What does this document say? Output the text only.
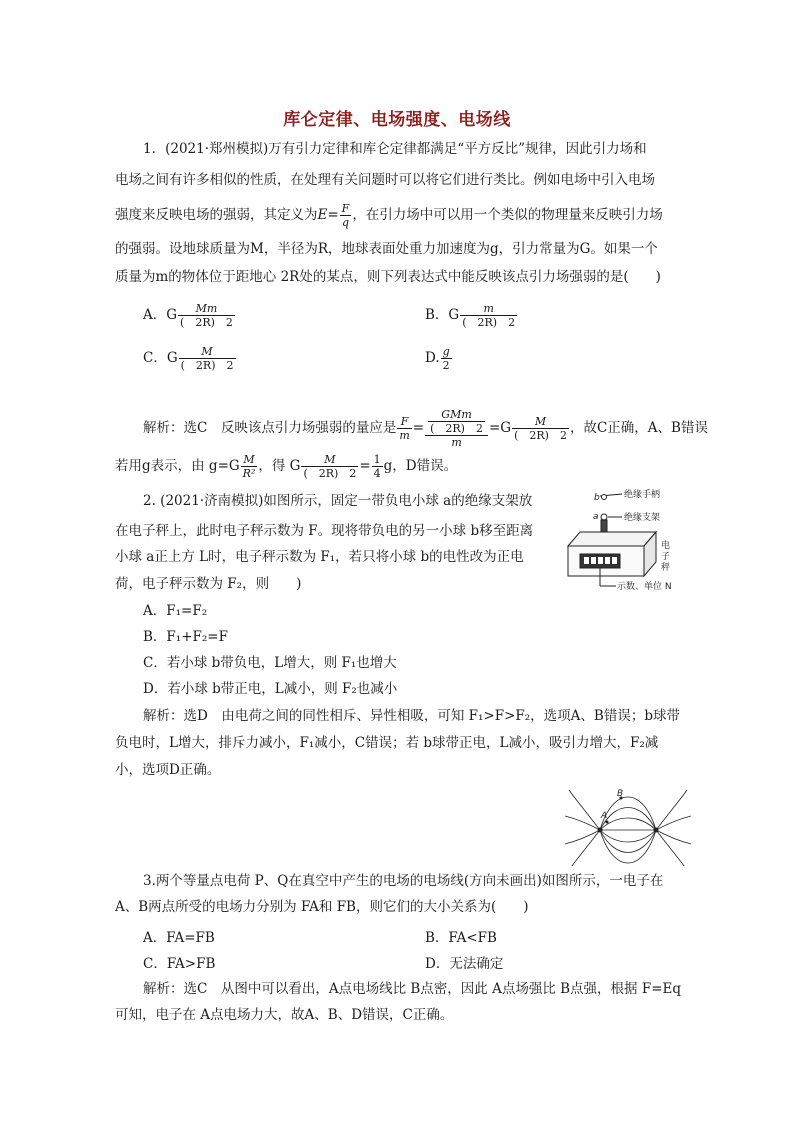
库仑定律、电场强度、电场线
1．(2021·郑州模拟)万有引力定律和库仑定律都满足“平方反比”规律，因此引力场和
电场之间有许多相似的性质，在处理有关问题时可以将它们进行类比。例如电场中引入电场
强度来反映电场的强弱，其定义为$E= \frac{F}{q}$ ，在引力场中可以用一个类似的物理量来反映引力场
的强弱。设地球质量为M，半径为R，地球表面处重力加速度为g，引力常量为G。如果一个
质量为m的物体位于距地心 2R处的某点，则下列表达式中能反映该点引力场强弱的是(　　)
A．G $\frac{Mm}{( 2R) 2}$	B．G $\frac{m}{( 2R) 2}$
C．G $\frac{M}{( 2R) 2}$	D. $\frac{g}{2}$
解析：选C　反映该点引力场强弱的量应是 $\frac{F}{m} = \frac{\frac{\text{GMm}}{( 2R) 2}}{m} =G \frac{M}{( 2R) 2}$ ，故C正确，A、B错误
若用g表示，由 $g=G \frac{M}{\text{R²}}$ ，得 G $\frac{M}{( 2R) 2} = \frac{1}{4}$ g，D错误。
2. (2021·济南模拟)如图所示，固定一带负电小球 a的绝缘支架放
在电子秤上，此时电子秤示数为 F。现将带负电的另一小球 b移至距离
小球 a正上方 L时，电子秤示数为 F₁，若只将小球 b的电性改为正电
荷，电子秤示数为 F₂，则　　)
A．F₁=F₂
B．F₁+F₂=F
C．若小球 b带负电，L增大，则 F₁也增大
D．若小球 b带正电，L减小，则 F₂也减小
解析：选D　由电荷之间的同性相斥、异性相吸，可知 F₁>F>F₂，选项A、B错误；b球带
负电时，L增大，排斥力减小，F₁减小，C错误；若 b球带正电，L减小，吸引力增大，F₂减
小，选项D正确。
绝缘手柄
b
a	绝缘支架
电
子
秤
示数、单位 N
A
B
3.两个等量点电荷 P、Q在真空中产生的电场的电场线(方向未画出)如图所示，一电子在
A、B两点所受的电场力分别为 FA和 FB，则它们的大小关系为(　　)
A．FA=FB	B．FA<FB
C．FA>FB	D．无法确定
解析：选C　从图中可以看出，A点电场线比 B点密，因此 A点场强比 B点强，根据 F=Eq
可知，电子在 A点电场力大，故A、B、D错误，C正确。
